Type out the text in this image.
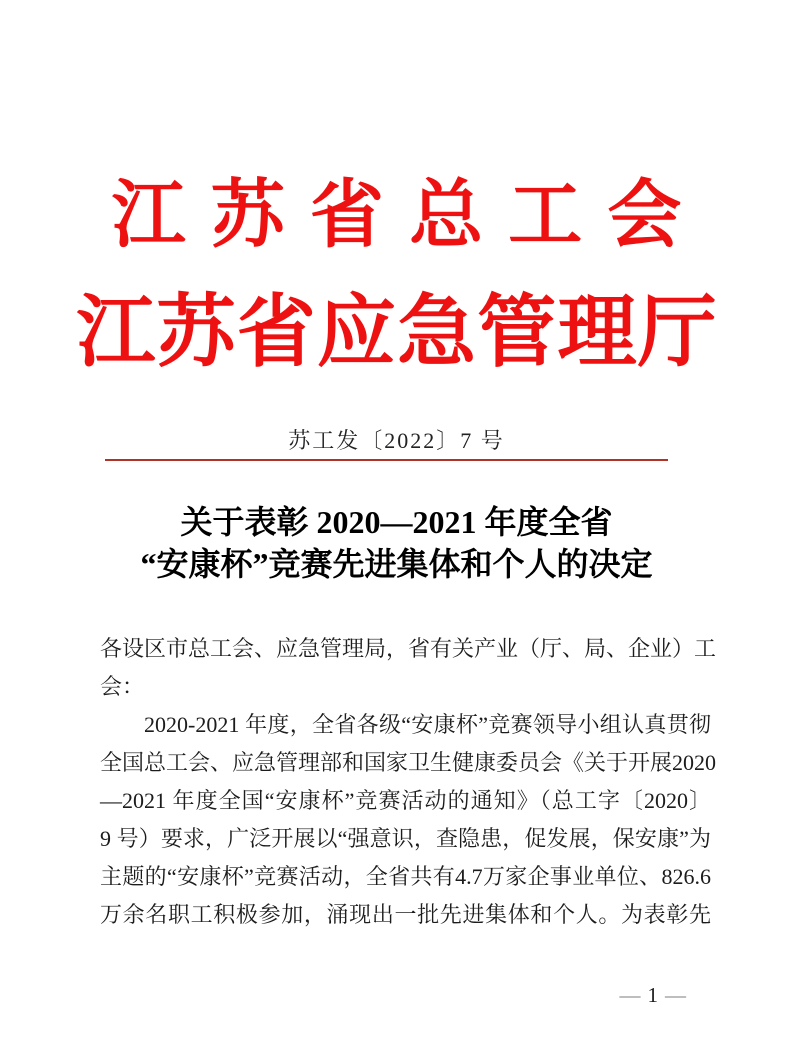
江苏省总工会
江苏省应急管理厅
苏工发〔2022〕7 号
关于表彰 2020—2021 年度全省
“安康杯”竞赛先进集体和个人的决定
各设区市总工会、应急管理局，省有关产业（厅、局、企业）工
会：
2020-2021 年度，全省各级“安康杯”竞赛领导小组认真贯彻
全国总工会、应急管理部和国家卫生健康委员会《关于开展2020
—2021 年度全国“安康杯”竞赛活动的通知》（总工字〔2020〕
9 号）要求，广泛开展以“强意识，查隐患，促发展，保安康”为
主题的“安康杯”竞赛活动，全省共有4.7万家企事业单位、826.6
万余名职工积极参加，涌现出一批先进集体和个人。为表彰先
— 1 —
